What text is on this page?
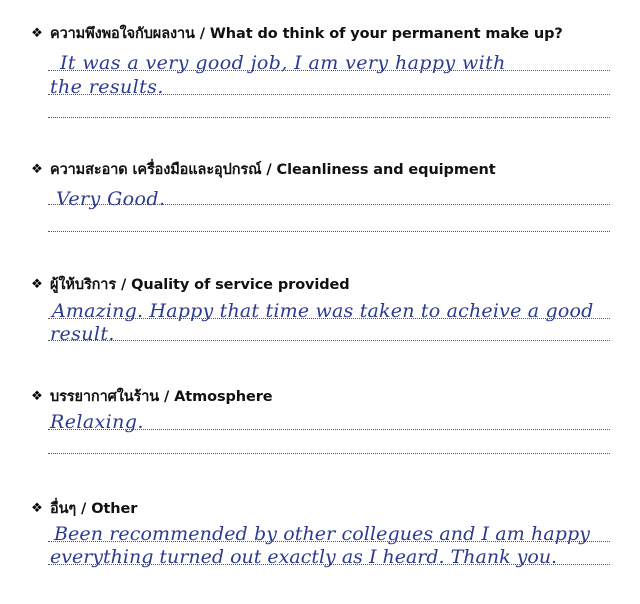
❖ ความพึงพอใจกับผลงาน / What do think of your permanent make up?
It was a very good job, I am very happy with
the results.
❖ ความสะอาด เครื่องมือและอุปกรณ์ / Cleanliness and equipment
Very Good.
❖ ผู้ให้บริการ / Quality of service provided
Amazing. Happy that time was taken to acheive a good
result.
❖ บรรยากาศในร้าน / Atmosphere
Relaxing.
❖ อื่นๆ / Other
Been recommended by other collegues and I am happy
everything turned out exactly as I heard. Thank you.
